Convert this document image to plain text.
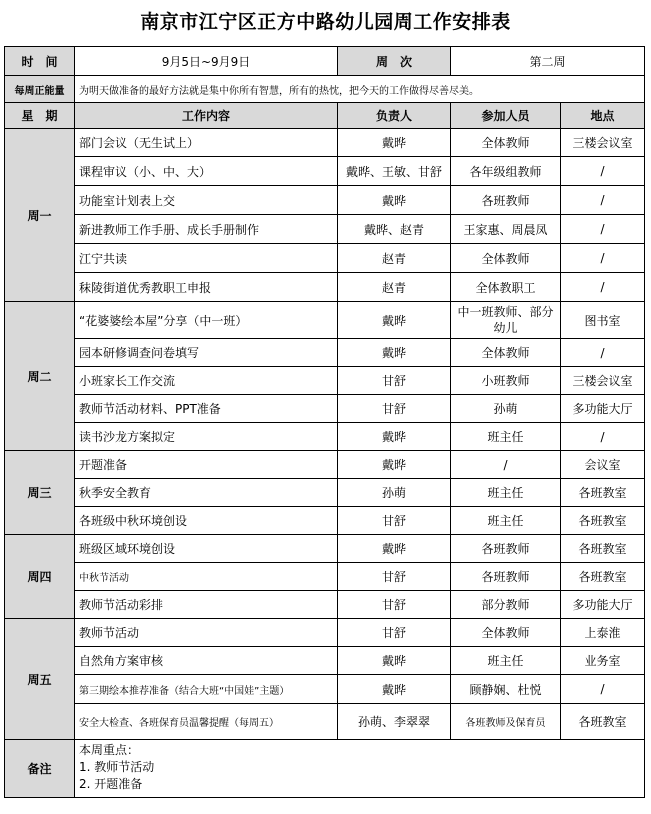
南京市江宁区正方中路幼儿园周工作安排表
时　间	9月5日~9月9日	周　次	第二周	
每周正能量	为明天做准备的最好方法就是集中你所有智慧，所有的热忱，把今天的工作做得尽善尽美。			
星　期	工作内容	负责人	参加人员	地点
周一	部门会议（无生试上）	戴晔	全体教师	三楼会议室
	课程审议（小、中、大）	戴晔、王敏、甘舒	各年级组教师	/
	功能室计划表上交	戴晔	各班教师	/
	新进教师工作手册、成长手册制作	戴晔、赵青	王家惠、周晨凤	/
	江宁共读	赵青	全体教师	/
	秣陵街道优秀教职工申报	赵青	全体教职工	/
周二	“花婆婆绘本屋”分享（中一班）	戴晔	中一班教师、部分幼儿	图书室
	园本研修调查问卷填写	戴晔	全体教师	/
	小班家长工作交流	甘舒	小班教师	三楼会议室
	教师节活动材料、PPT准备	甘舒	孙萌	多功能大厅
	读书沙龙方案拟定	戴晔	班主任	/
周三	开题准备	戴晔	/	会议室
	秋季安全教育	孙萌	班主任	各班教室
	各班级中秋环境创设	甘舒	班主任	各班教室
周四	班级区域环境创设	戴晔	各班教师	各班教室
	中秋节活动	甘舒	各班教师	各班教室
	教师节活动彩排	甘舒	部分教师	多功能大厅
周五	教师节活动	甘舒	全体教师	上泰淮
	自然角方案审核	戴晔	班主任	业务室
	第三期绘本推荐准备（结合大班“中国娃”主题）	戴晔	顾静娴、杜悦	/
	安全大检查、各班保育员温馨提醒（每周五）	孙萌、李翠翠	各班教师及保育员	各班教室
备注	本周重点：
1. 教师节活动
2. 开题准备			
